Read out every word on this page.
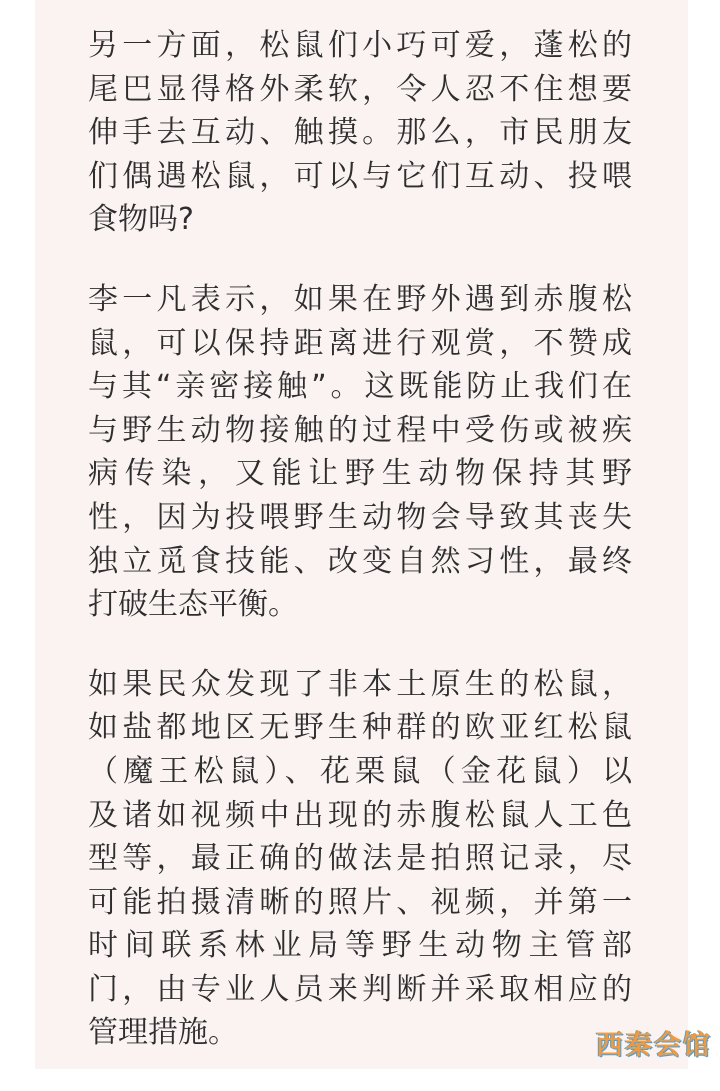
另一方面，松鼠们小巧可爱，蓬松的
尾巴显得格外柔软，令人忍不住想要
伸手去互动、触摸。那么，市民朋友
们偶遇松鼠，可以与它们互动、投喂
食物吗?
李一凡表示，如果在野外遇到赤腹松
鼠，可以保持距离进行观赏，不赞成
与其“亲密接触”。这既能防止我们在
与野生动物接触的过程中受伤或被疾
病传染，又能让野生动物保持其野
性，因为投喂野生动物会导致其丧失
独立觅食技能、改变自然习性，最终
打破生态平衡。
如果民众发现了非本土原生的松鼠，
如盐都地区无野生种群的欧亚红松鼠
（魔王松鼠）、花栗鼠（金花鼠）以
及诸如视频中出现的赤腹松鼠人工色
型等，最正确的做法是拍照记录，尽
可能拍摄清晰的照片、视频，并第一
时间联系林业局等野生动物主管部
门，由专业人员来判断并采取相应的
管理措施。	西秦会馆
